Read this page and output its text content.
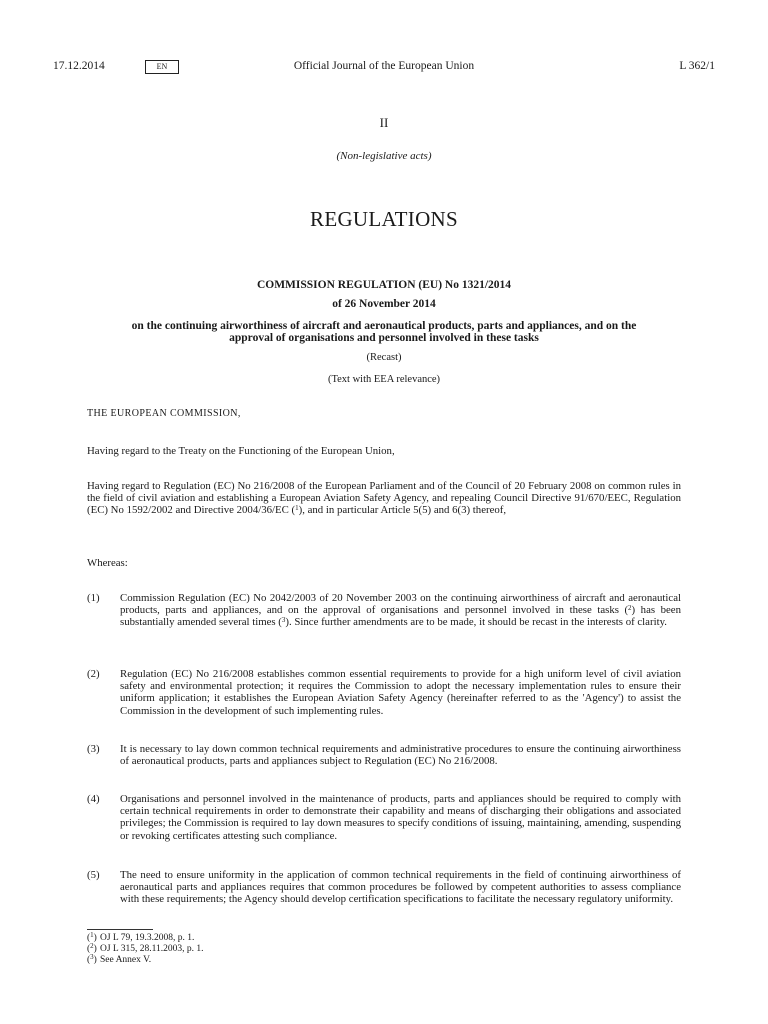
17.12.2014	EN	Official Journal of the European Union	L 362/1
II
(Non-legislative acts)
REGULATIONS
COMMISSION REGULATION (EU) No 1321/2014
of 26 November 2014
on the continuing airworthiness of aircraft and aeronautical products, parts and appliances, and on the approval of organisations and personnel involved in these tasks
(Recast)
(Text with EEA relevance)
THE EUROPEAN COMMISSION,
Having regard to the Treaty on the Functioning of the European Union,
Having regard to Regulation (EC) No 216/2008 of the European Parliament and of the Council of 20 February 2008 on common rules in the field of civil aviation and establishing a European Aviation Safety Agency, and repealing Council Directive 91/670/EEC, Regulation (EC) No 1592/2002 and Directive 2004/36/EC ($^1$), and in particular Article 5(5) and 6(3) thereof,
Whereas:
(1) Commission Regulation (EC) No 2042/2003 of 20 November 2003 on the continuing airworthiness of aircraft and aeronautical products, parts and appliances, and on the approval of organisations and personnel involved in these tasks ($^2$) has been substantially amended several times ($^3$). Since further amendments are to be made, it should be recast in the interests of clarity.
(2) Regulation (EC) No 216/2008 establishes common essential requirements to provide for a high uniform level of civil aviation safety and environmental protection; it requires the Commission to adopt the necessary implementation rules to ensure their uniform application; it establishes the European Aviation Safety Agency (hereinafter referred to as the 'Agency') to assist the Commission in the development of such implementing rules.
(3) It is necessary to lay down common technical requirements and administrative procedures to ensure the continuing airworthiness of aeronautical products, parts and appliances subject to Regulation (EC) No 216/2008.
(4) Organisations and personnel involved in the maintenance of products, parts and appliances should be required to comply with certain technical requirements in order to demonstrate their capability and means of discharging their obligations and associated privileges; the Commission is required to lay down measures to specify conditions of issuing, maintaining, amending, suspending or revoking certificates attesting such compliance.
(5) The need to ensure uniformity in the application of common technical requirements in the field of continuing airworthiness of aeronautical parts and appliances requires that common procedures be followed by competent authorities to assess compliance with these requirements; the Agency should develop certification specifications to facilitate the necessary regulatory uniformity.
($^1$) OJ L 79, 19.3.2008, p. 1.
($^2$) OJ L 315, 28.11.2003, p. 1.
($^3$) See Annex V.
